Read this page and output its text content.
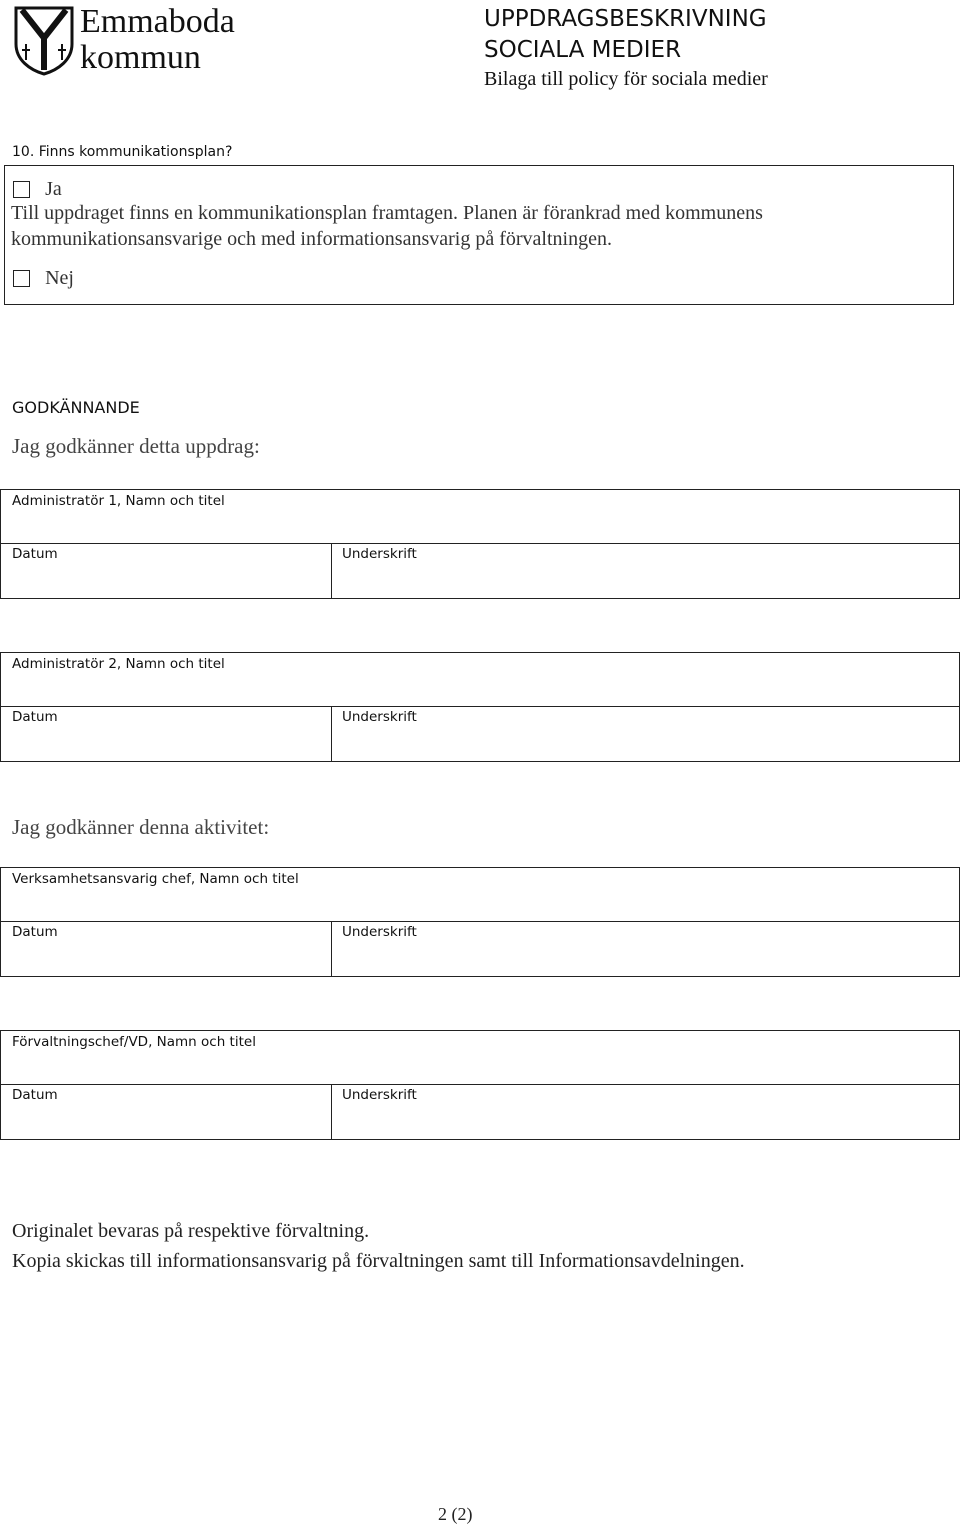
Emmaboda
kommun
UPPDRAGSBESKRIVNING
SOCIALA MEDIER
Bilaga till policy för sociala medier
10. Finns kommunikationsplan?
Ja
Till uppdraget finns en kommunikationsplan framtagen. Planen är förankrad med kommunens
kommunikationsansvarige och med informationsansvarig på förvaltningen.
Nej
GODKÄNNANDE
Jag godkänner detta uppdrag:
Administratör 1, Namn och titel
Datum	Underskrift
Administratör 2, Namn och titel
Datum	Underskrift
Jag godkänner denna aktivitet:
Verksamhetsansvarig chef, Namn och titel
Datum	Underskrift
Förvaltningschef/VD, Namn och titel
Datum	Underskrift
Originalet bevaras på respektive förvaltning.
Kopia skickas till informationsansvarig på förvaltningen samt till Informationsavdelningen.
2 (2)
